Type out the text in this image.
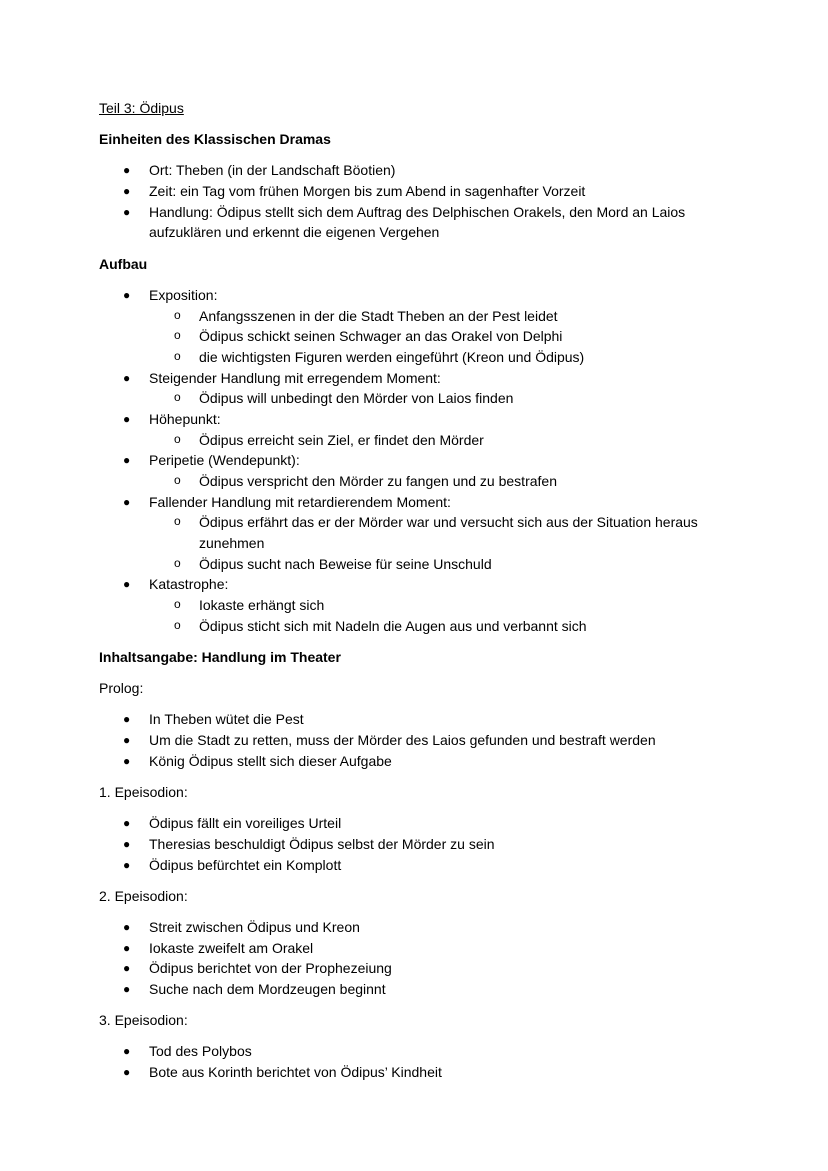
Teil 3: Ödipus
Einheiten des Klassischen Dramas
● Ort: Theben (in der Landschaft Böotien)
● Zeit: ein Tag vom frühen Morgen bis zum Abend in sagenhafter Vorzeit
● Handlung: Ödipus stellt sich dem Auftrag des Delphischen Orakels, den Mord an Laios
aufzuklären und erkennt die eigenen Vergehen
Aufbau
● Exposition:
o Anfangsszenen in der die Stadt Theben an der Pest leidet
o Ödipus schickt seinen Schwager an das Orakel von Delphi
o die wichtigsten Figuren werden eingeführt (Kreon und Ödipus)
● Steigender Handlung mit erregendem Moment:
o Ödipus will unbedingt den Mörder von Laios finden
● Höhepunkt:
o Ödipus erreicht sein Ziel, er findet den Mörder
● Peripetie (Wendepunkt):
o Ödipus verspricht den Mörder zu fangen und zu bestrafen
● Fallender Handlung mit retardierendem Moment:
o Ödipus erfährt das er der Mörder war und versucht sich aus der Situation heraus
zunehmen
o Ödipus sucht nach Beweise für seine Unschuld
● Katastrophe:
o Iokaste erhängt sich
o Ödipus sticht sich mit Nadeln die Augen aus und verbannt sich
Inhaltsangabe: Handlung im Theater
Prolog:
● In Theben wütet die Pest
● Um die Stadt zu retten, muss der Mörder des Laios gefunden und bestraft werden
● König Ödipus stellt sich dieser Aufgabe
1. Epeisodion:
● Ödipus fällt ein voreiliges Urteil
● Theresias beschuldigt Ödipus selbst der Mörder zu sein
● Ödipus befürchtet ein Komplott
2. Epeisodion:
● Streit zwischen Ödipus und Kreon
● Iokaste zweifelt am Orakel
● Ödipus berichtet von der Prophezeiung
● Suche nach dem Mordzeugen beginnt
3. Epeisodion:
● Tod des Polybos
● Bote aus Korinth berichtet von Ödipus’ Kindheit
